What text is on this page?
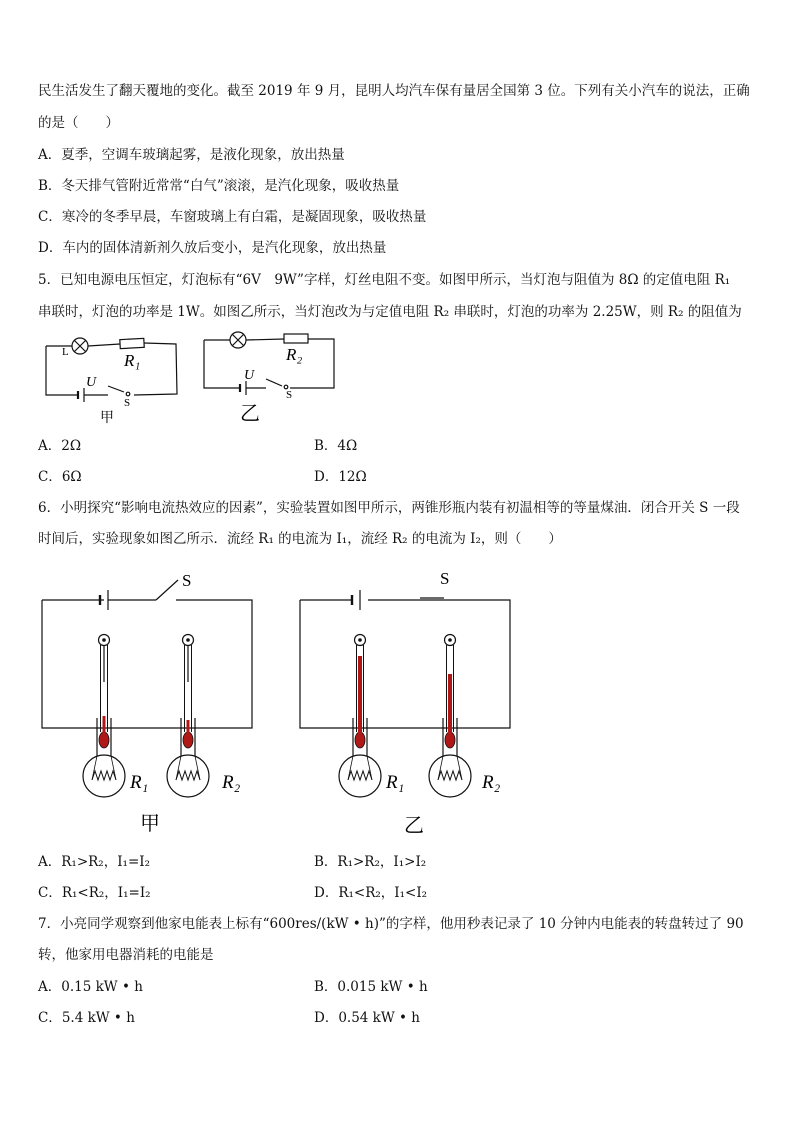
民生活发生了翻天覆地的变化。截至 2019 年 9 月，昆明人均汽车保有量居全国第 3 位。下列有关小汽车的说法，正确
的是（　　）
A．夏季，空调车玻璃起雾，是液化现象，放出热量
B．冬天排气管附近常常“白气”滚滚，是汽化现象，吸收热量
C．寒冷的冬季早晨，车窗玻璃上有白霜，是凝固现象，吸收热量
D．车内的固体清新剂久放后变小，是汽化现象，放出热量
5．已知电源电压恒定，灯泡标有“6V　9W”字样，灯丝电阻不变。如图甲所示，当灯泡与阻值为 8Ω 的定值电阻 R₁
串联时，灯泡的功率是 1W。如图乙所示，当灯泡改为与定值电阻 R₂ 串联时，灯泡的功率为 2.25W，则 R₂ 的阻值为
L	R₁
U
S
甲
R₂
U
S
乙
A．2Ω	B．4Ω
C．6Ω	D．12Ω
6．小明探究“影响电流热效应的因素”，实验装置如图甲所示，两锥形瓶内装有初温相等的等量煤油．闭合开关 S 一段
时间后，实验现象如图乙所示．流经 R₁ 的电流为 I₁，流经 R₂ 的电流为 I₂，则（　　）
S
R₁	R₂
甲
S
R₁	R₂
乙
A．R₁>R₂，I₁=I₂	B．R₁>R₂，I₁>I₂
C．R₁<R₂，I₁=I₂	D．R₁<R₂，I₁<I₂
7．小亮同学观察到他家电能表上标有“600res/(kW • h)”的字样，他用秒表记录了 10 分钟内电能表的转盘转过了 90
转，他家用电器消耗的电能是
A．0.15 kW • h	B．0.015 kW • h
C．5.4 kW • h	D．0.54 kW • h
